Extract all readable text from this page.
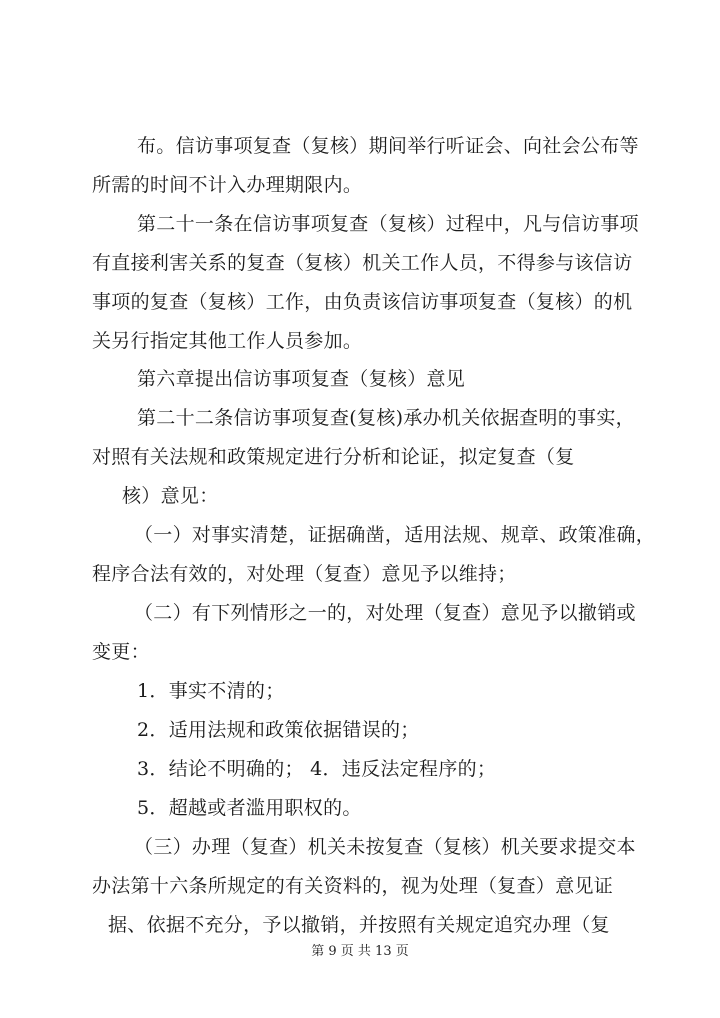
布。信访事项复查（复核）期间举行听证会、向社会公布等
所需的时间不计入办理期限内。
第二十一条在信访事项复查（复核）过程中，凡与信访事项
有直接利害关系的复查（复核）机关工作人员，不得参与该信访
事项的复查（复核）工作，由负责该信访事项复查（复核）的机
关另行指定其他工作人员参加。
第六章提出信访事项复查（复核）意见
第二十二条信访事项复查(复核)承办机关依据查明的事实，
对照有关法规和政策规定进行分析和论证，拟定复查（复
核）意见：
（一）对事实清楚，证据确凿，适用法规、规章、政策准确，
程序合法有效的，对处理（复查）意见予以维持；
（二）有下列情形之一的，对处理（复查）意见予以撤销或
变更：
1．事实不清的；
2．适用法规和政策依据错误的；
3．结论不明确的； 4．违反法定程序的；
5．超越或者滥用职权的。
（三）办理（复查）机关未按复查（复核）机关要求提交本
办法第十六条所规定的有关资料的，视为处理（复查）意见证
据、依据不充分，予以撤销，并按照有关规定追究办理（复
第 9 页 共 13 页
